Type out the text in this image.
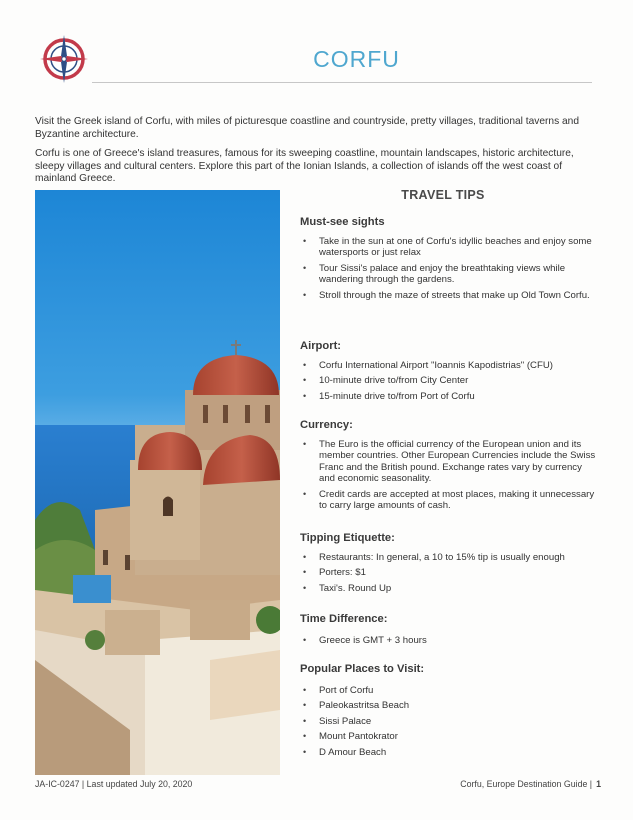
CORFU
Visit the Greek island of Corfu, with miles of picturesque coastline and countryside, pretty villages, traditional taverns and Byzantine architecture.
Corfu is one of Greece's island treasures, famous for its sweeping coastline, mountain landscapes, historic architecture, sleepy villages and cultural centers. Explore this part of the Ionian Islands, a collection of islands off the west coast of mainland Greece.
TRAVEL TIPS
Must-see sights
• Take in the sun at one of Corfu's idyllic beaches and enjoy some watersports or just relax
• Tour Sissi's palace and enjoy the breathtaking views while wandering through the gardens.
• Stroll through the maze of streets that make up Old Town Corfu.
Airport:
• Corfu International Airport "Ioannis Kapodistrias" (CFU)
• 10-minute drive to/from City Center
• 15-minute drive to/from Port of Corfu
Currency:
• The Euro is the official currency of the European union and its member countries. Other European Currencies include the Swiss Franc and the British pound. Exchange rates vary by currency and economic seasonality.
• Credit cards are accepted at most places, making it unnecessary to carry large amounts of cash.
Tipping Etiquette:
• Restaurants: In general, a 10 to 15% tip is usually enough
• Porters: $1
• Taxi's. Round Up
Time Difference:
• Greece is GMT + 3 hours
Popular Places to Visit:
• Port of Corfu
• Paleokastritsa Beach
• Sissi Palace
• Mount Pantokrator
• D Amour Beach
JA-IC-0247 | Last updated July 20, 2020	Corfu, Europe Destination Guide | 1
